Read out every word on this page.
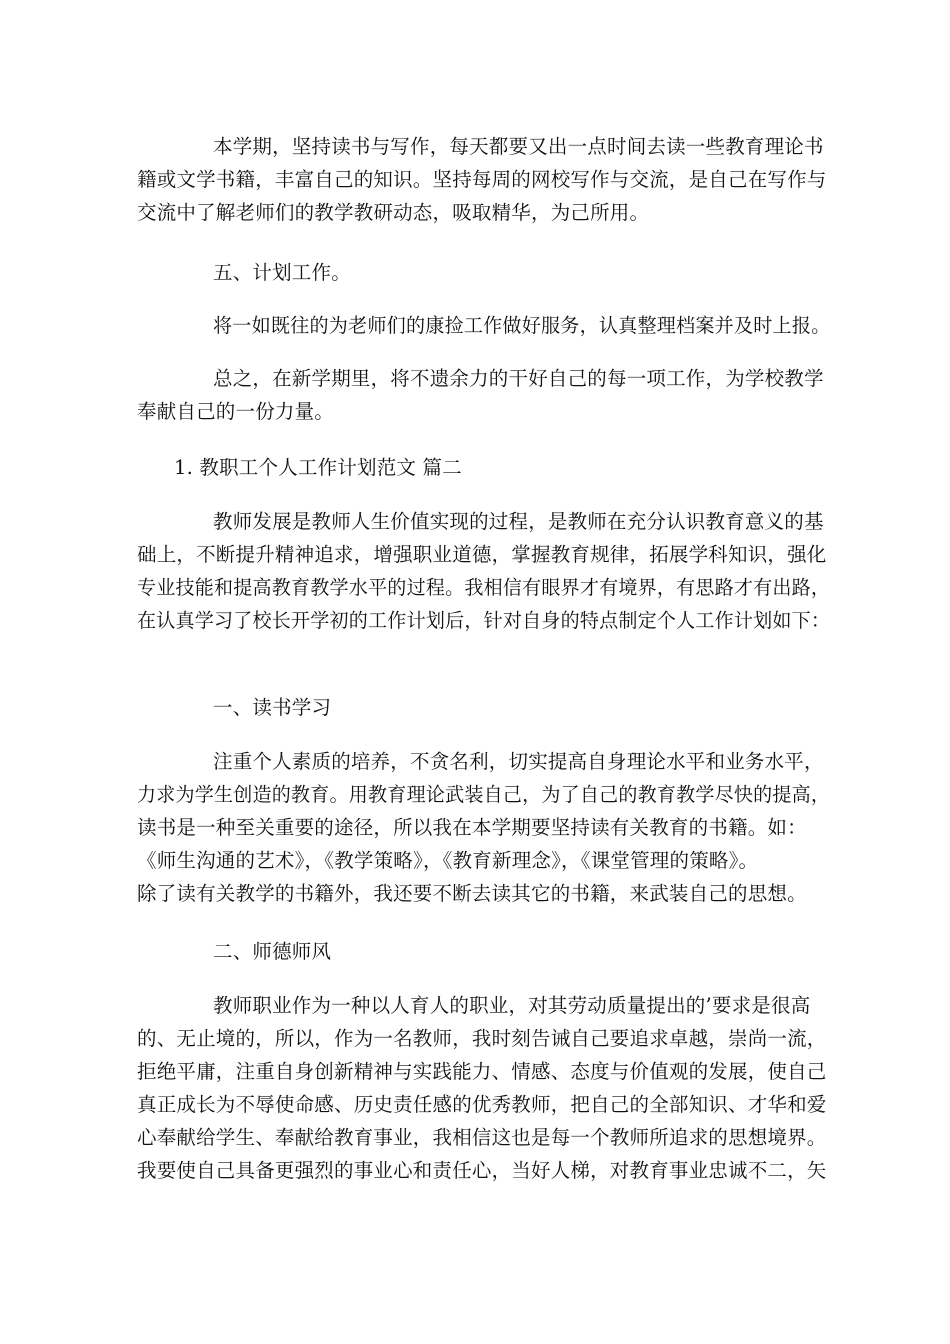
本学期，坚持读书与写作，每天都要又出一点时间去读一些教育理论书
籍或文学书籍，丰富自己的知识。坚持每周的网校写作与交流，是自己在写作与
交流中了解老师们的教学教研动态，吸取精华，为己所用。
五、计划工作。
将一如既往的为老师们的康捡工作做好服务，认真整理档案并及时上报。
总之，在新学期里，将不遗余力的干好自己的每一项工作，为学校教学
奉献自己的一份力量。
1. 教职工个人工作计划范文 篇二
教师发展是教师人生价值实现的过程，是教师在充分认识教育意义的基
础上，不断提升精神追求，增强职业道德，掌握教育规律，拓展学科知识，强化
专业技能和提高教育教学水平的过程。我相信有眼界才有境界，有思路才有出路，
在认真学习了校长开学初的工作计划后，针对自身的特点制定个人工作计划如下：
一、读书学习
注重个人素质的培养，不贪名利，切实提高自身理论水平和业务水平，
力求为学生创造的教育。用教育理论武装自己，为了自己的教育教学尽快的提高，
读书是一种至关重要的途径，所以我在本学期要坚持读有关教育的书籍。如：
《师生沟通的艺术》，《教学策略》，《教育新理念》，《课堂管理的策略》。
除了读有关教学的书籍外，我还要不断去读其它的书籍，来武装自己的思想。
二、师德师风
教师职业作为一种以人育人的职业，对其劳动质量提出的’要求是很高
的、无止境的，所以，作为一名教师，我时刻告诫自己要追求卓越，崇尚一流，
拒绝平庸，注重自身创新精神与实践能力、情感、态度与价值观的发展，使自己
真正成长为不辱使命感、历史责任感的优秀教师，把自己的全部知识、才华和爱
心奉献给学生、奉献给教育事业，我相信这也是每一个教师所追求的思想境界。
我要使自己具备更强烈的事业心和责任心，当好人梯，对教育事业忠诚不二，矢
